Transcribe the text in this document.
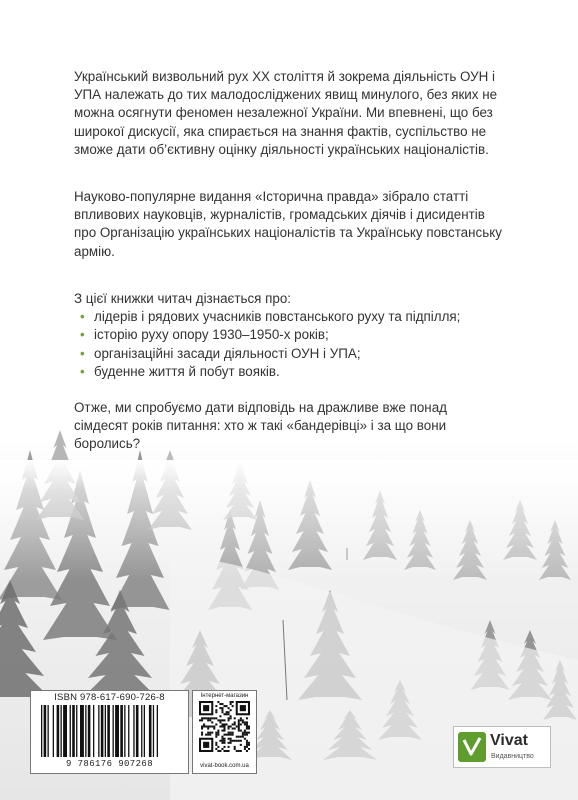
Український визвольний рух XX століття й зокрема діяльність ОУН і УПА належать до тих малодосліджених явищ минулого, без яких не можна осягнути феномен незалежної України. Ми впевнені, що без широкої дискусії, яка спирається на знання фактів, суспільство не зможе дати об’єктивну оцінку діяльності українських націоналістів.

Науково-популярне видання «Історична правда» зібрало статті впливових науковців, журналістів, громадських діячів і дисидентів про Організацію українських націоналістів та Українську повстанську армію.

З цієї книжки читач дізнається про:

• лідерів і рядових учасників повстанського руху та підпілля;
• історію руху опору 1930–1950-х років;
• організаційні засади діяльності ОУН і УПА;
• буденне життя й побут вояків.

Отже, ми спробуємо дати відповідь на дражливе вже понад сімдесят років питання: хто ж такі «бандерівці» і за що вони боролись?

ISBN 978-617-690-726-8
9 786176 907268
Інтернет-магазин
vivat-book.com.ua
Vivat
Видавництво
